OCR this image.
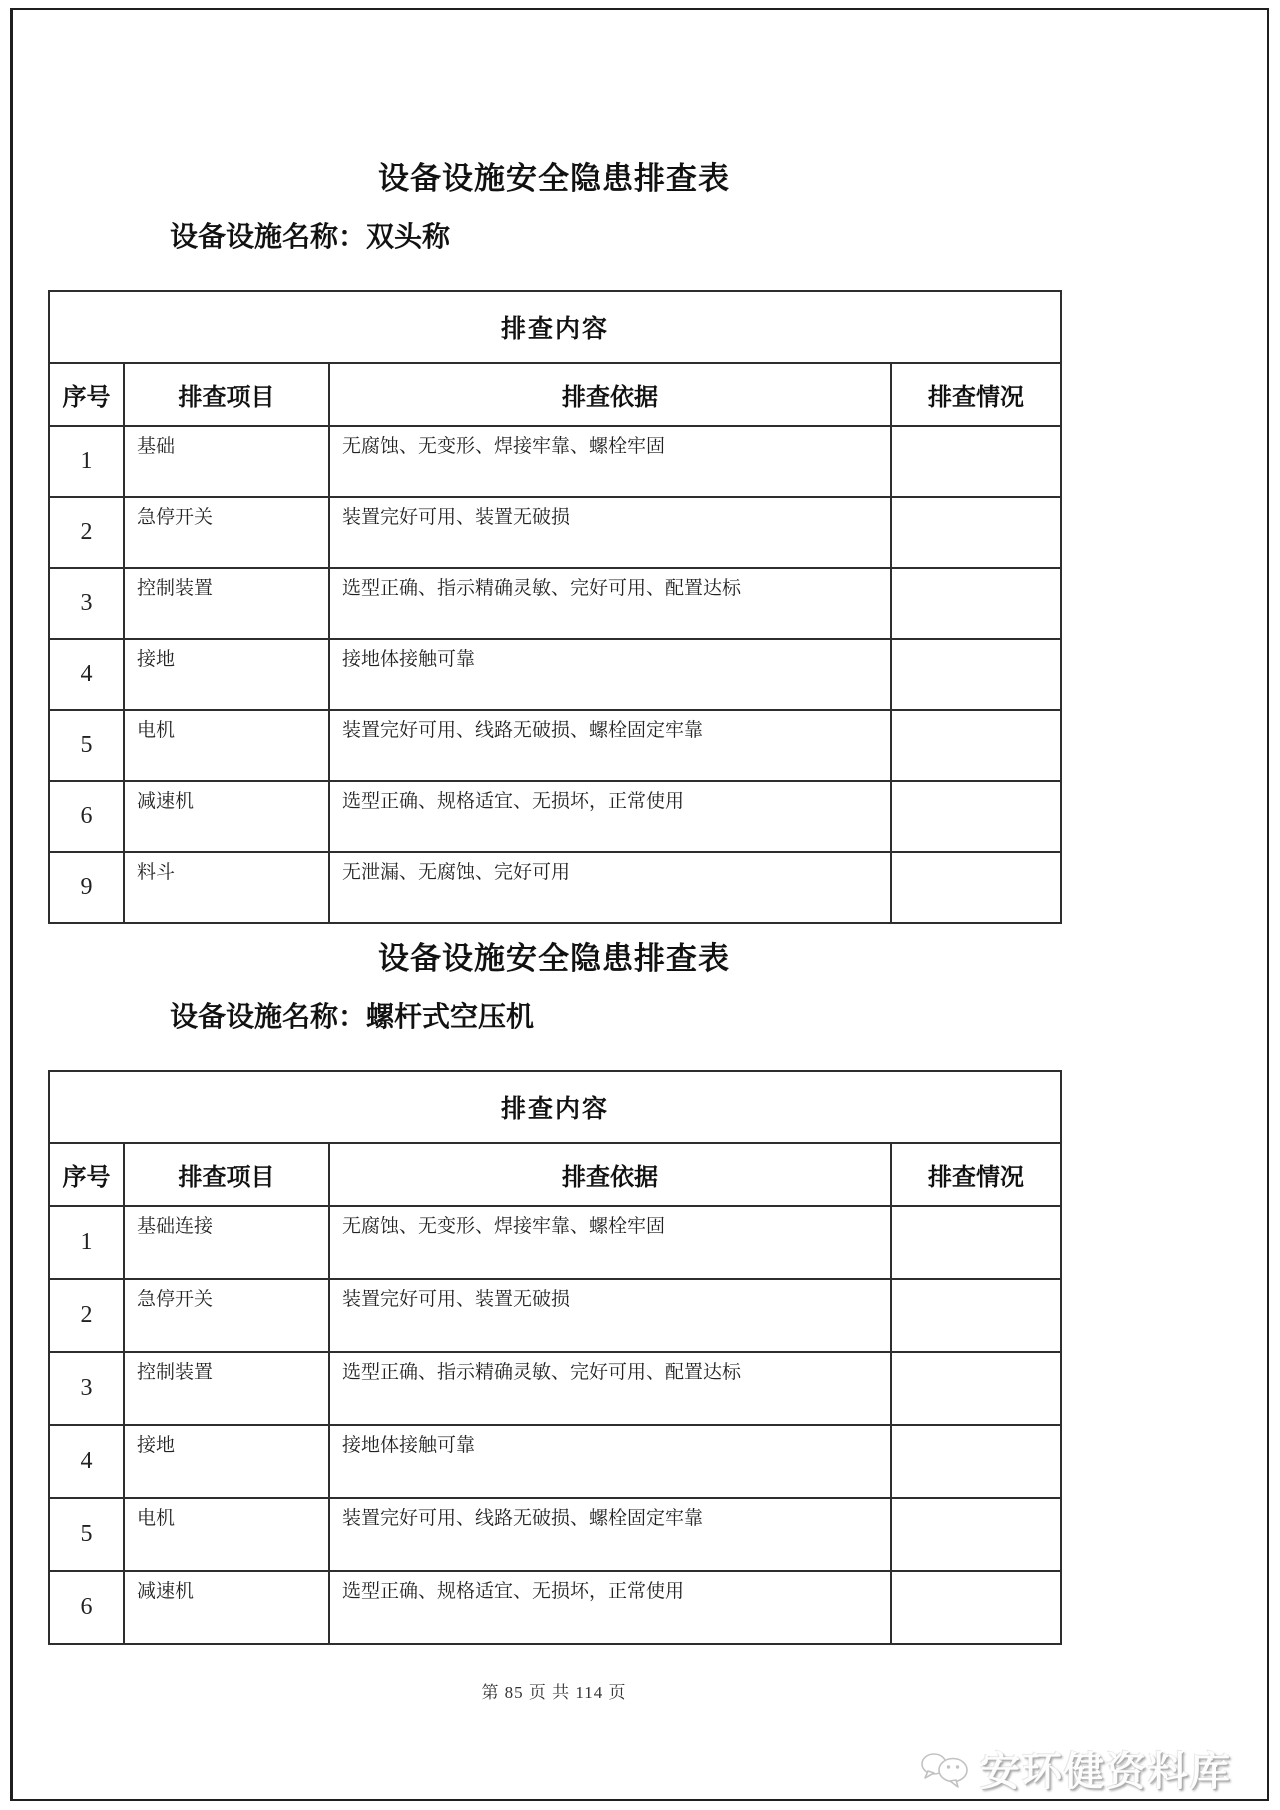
设备设施安全隐患排查表
设备设施名称：双头称
排查内容			
序号	排查项目	排查依据	排查情况
1	基础	无腐蚀、无变形、焊接牢靠、螺栓牢固	
2	急停开关	装置完好可用、装置无破损	
3	控制装置	选型正确、指示精确灵敏、完好可用、配置达标	
4	接地	接地体接触可靠	
5	电机	装置完好可用、线路无破损、螺栓固定牢靠	
6	减速机	选型正确、规格适宜、无损坏，正常使用	
9	料斗	无泄漏、无腐蚀、完好可用	
设备设施安全隐患排查表
设备设施名称：螺杆式空压机
排查内容			
序号	排查项目	排查依据	排查情况
1	基础连接	无腐蚀、无变形、焊接牢靠、螺栓牢固	
2	急停开关	装置完好可用、装置无破损	
3	控制装置	选型正确、指示精确灵敏、完好可用、配置达标	
4	接地	接地体接触可靠	
5	电机	装置完好可用、线路无破损、螺栓固定牢靠	
6	减速机	选型正确、规格适宜、无损坏，正常使用	
第 85 页 共 114 页
安环健资料库
